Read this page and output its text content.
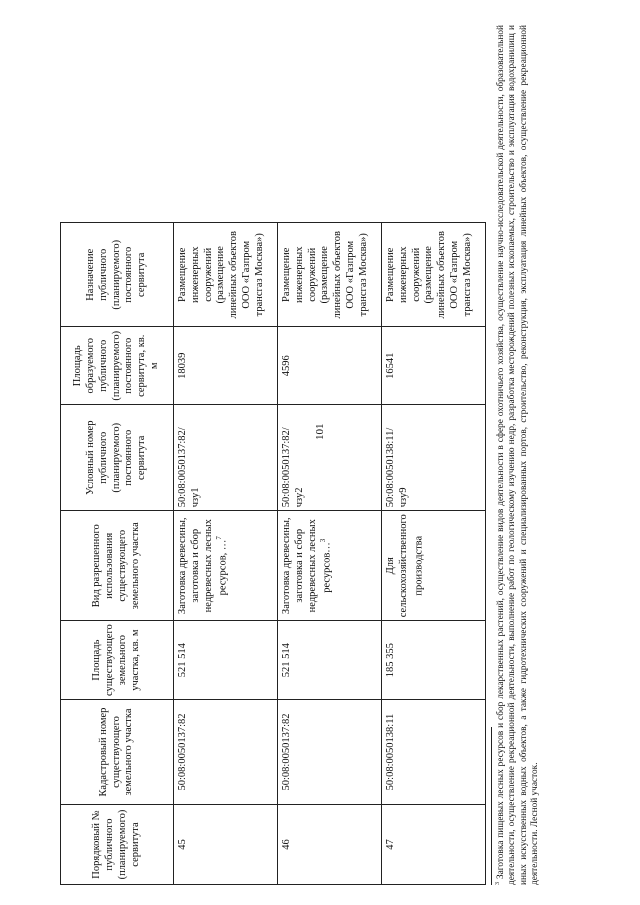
101
Порядковый № публичного (планируемого) сервитута	Кадастровый номер существующего земельного участка	Площадь существующего земельного участка, кв. м	Вид разрешенного использования существующего земельного участка	Условный номер публичного (планируемого) постоянного сервитута	Площадь образуемого публичного (планируемого) постоянного сервитута, кв. м	Назначение публичного (планируемого) постоянного сервитута
45	50:08:0050137:82	521 514	Заготовка древесины, заготовка и сбор недревесных лесных ресурсов, …$^7$	50:08:0050137:82/чзу1	18039	Размещение инженерных сооружений (размещение линейных объектов ООО «Газпром трансгаз Москва»)
46	50:08:0050137:82	521 514	Заготовка древесины, заготовка и сбор недревесных лесных ресурсов…$^3$	50:08:0050137:82/чзу2	4596	Размещение инженерных сооружений (размещение линейных объектов ООО «Газпром трансгаз Москва»)
47	50:08:0050138:11	185 355	Для сельскохозяйственного производства	50:08:0050138:11/чзу9	16541	Размещение инженерных сооружений (размещение линейных объектов ООО «Газпром трансгаз Москва»)
$^3$ Заготовка пищевых лесных ресурсов и сбор лекарственных растений, осуществление видов деятельности в сфере охотничьего хозяйства, осуществление научно-исследовательской деятельности, образовательной деятельности, осуществление рекреационной деятельности, выполнение работ по геологическому изучению недр, разработка месторождений полезных ископаемых, строительство и эксплуатация водохранилищ и иных искусственных водных объектов, а также гидротехнических сооружений и специализированных портов, строительство, реконструкция, эксплуатация линейных объектов, осуществление рекреационной деятельности. Лесной участок.
